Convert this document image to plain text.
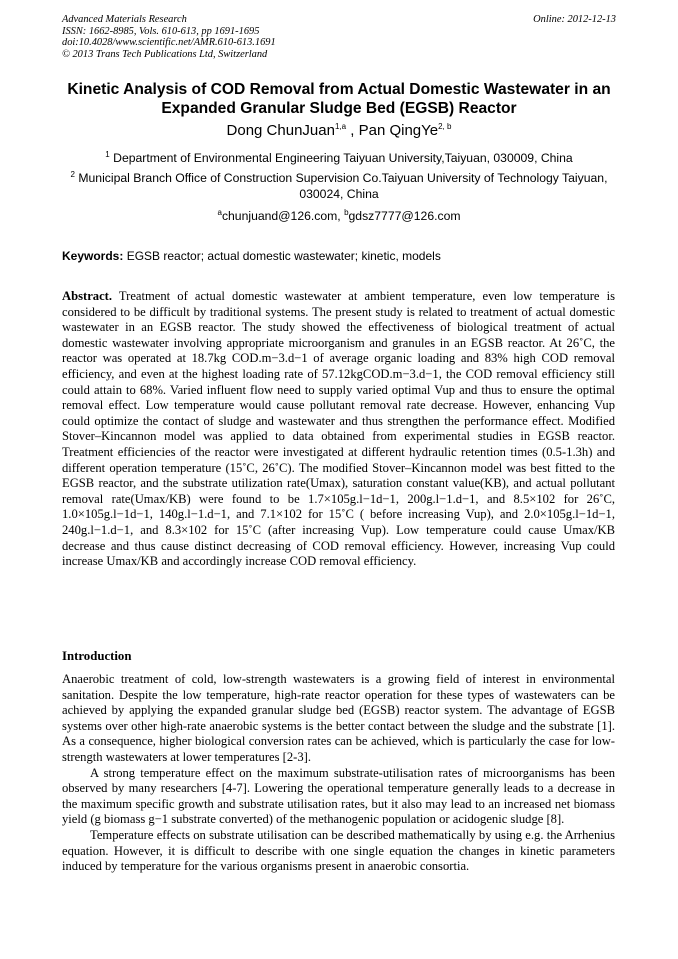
Advanced Materials Research
ISSN: 1662-8985, Vols. 610-613, pp 1691-1695
doi:10.4028/www.scientific.net/AMR.610-613.1691
© 2013 Trans Tech Publications Ltd, Switzerland
Online: 2012-12-13
Kinetic Analysis of COD Removal from Actual Domestic Wastewater in an Expanded Granular Sludge Bed (EGSB) Reactor
Dong ChunJuan$^{1,a}$ , Pan QingYe$^{2, b}$
$^1$ Department of Environmental Engineering Taiyuan University,Taiyuan, 030009, China
$^2$ Municipal Branch Office of Construction Supervision Co.Taiyuan University of Technology Taiyuan, 030024, China
$^a$chunjuand@126.com, $^b$gdsz7777@126.com
Keywords: EGSB reactor; actual domestic wastewater; kinetic, models

Abstract. Treatment of actual domestic wastewater at ambient temperature, even low temperature is considered to be difficult by traditional systems. The present study is related to treatment of actual domestic wastewater in an EGSB reactor. The study showed the effectiveness of biological treatment of actual domestic wastewater involving appropriate microorganism and granules in an EGSB reactor. At 26˚C, the reactor was operated at 18.7kg COD.m−3.d−1 of average organic loading and 83% high COD removal efficiency, and even at the highest loading rate of 57.12kgCOD.m−3.d−1, the COD removal efficiency still could attain to 68%. Varied influent flow need to supply varied optimal Vup and thus to ensure the optimal removal effect. Low temperature would cause pollutant removal rate decrease. However, enhancing Vup could optimize the contact of sludge and wastewater and thus strengthen the performance effect. Modified Stover–Kincannon model was applied to data obtained from experimental studies in EGSB reactor. Treatment efficiencies of the reactor were investigated at different hydraulic retention times (0.5-1.3h) and different operation temperature (15˚C, 26˚C). The modified Stover–Kincannon model was best fitted to the EGSB reactor, and the substrate utilization rate(Umax), saturation constant value(KB), and actual pollutant removal rate(Umax/KB) were found to be 1.7×105g.l−1d−1, 200g.l−1.d−1, and 8.5×102 for 26˚C, 1.0×105g.l−1d−1, 140g.l−1.d−1, and 7.1×102 for 15˚C ( before increasing Vup), and 2.0×105g.l−1d−1, 240g.l−1.d−1, and 8.3×102 for 15˚C (after increasing Vup). Low temperature could cause Umax/KB decrease and thus cause distinct decreasing of COD removal efficiency. However, increasing Vup could increase Umax/KB and accordingly increase COD removal efficiency.

Introduction

Anaerobic treatment of cold, low-strength wastewaters is a growing field of interest in environmental sanitation. Despite the low temperature, high-rate reactor operation for these types of wastewaters can be achieved by applying the expanded granular sludge bed (EGSB) reactor system. The advantage of EGSB systems over other high-rate anaerobic systems is the better contact between the sludge and the substrate [1]. As a consequence, higher biological conversion rates can be achieved, which is particularly the case for low-strength wastewaters at lower temperatures [2-3].

A strong temperature effect on the maximum substrate-utilisation rates of microorganisms has been observed by many researchers [4-7]. Lowering the operational temperature generally leads to a decrease in the maximum specific growth and substrate utilisation rates, but it also may lead to an increased net biomass yield (g biomass g−1 substrate converted) of the methanogenic population or acidogenic sludge [8].

Temperature effects on substrate utilisation can be described mathematically by using e.g. the Arrhenius equation. However, it is difficult to describe with one single equation the changes in kinetic parameters induced by temperature for the various organisms present in anaerobic consortia.
